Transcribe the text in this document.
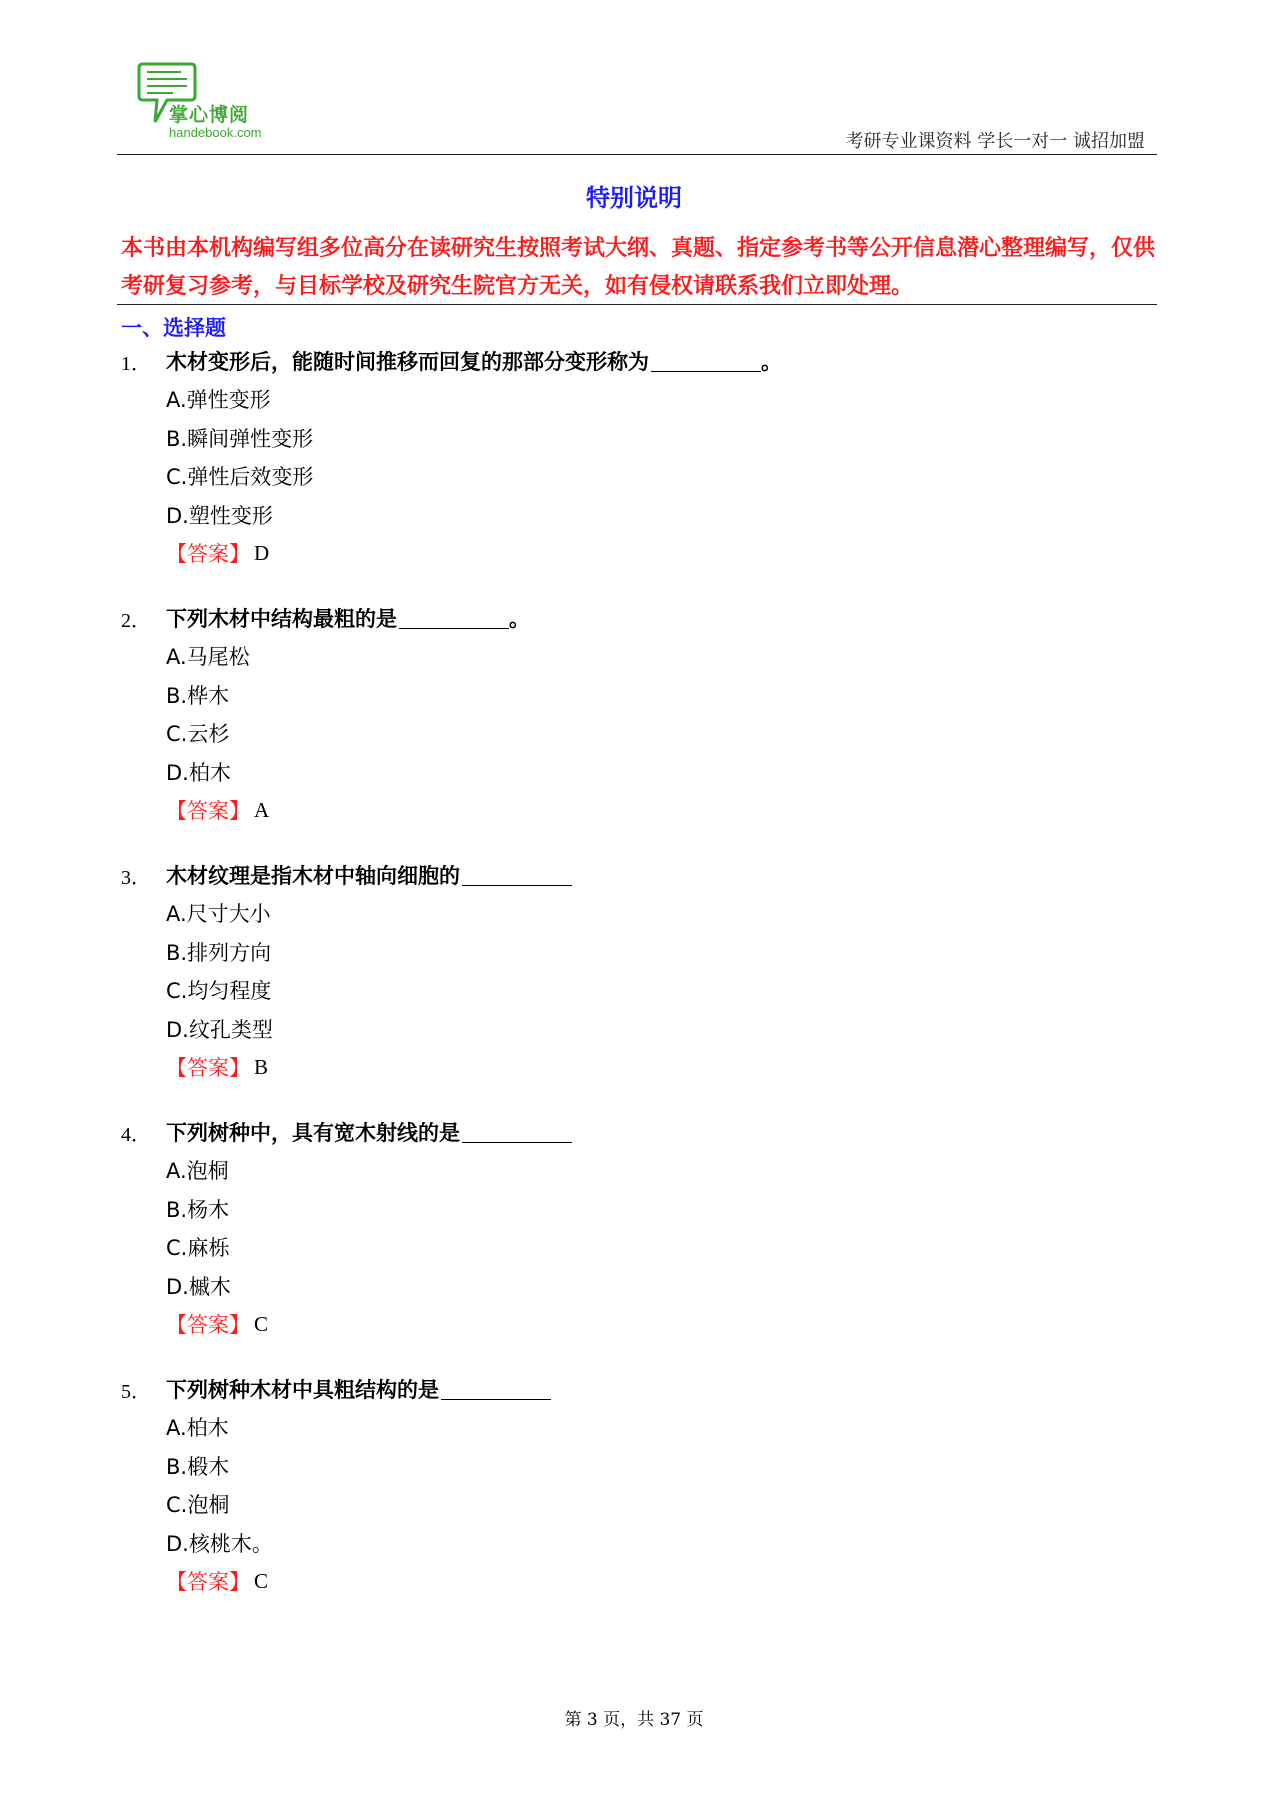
掌心博阅
handebook.com	考研专业课资料 学长一对一 诚招加盟
特别说明
本书由本机构编写组多位高分在读研究生按照考试大纲、真题、指定参考书等公开信息潜心整理编写，仅供考研复习参考，与目标学校及研究生院官方无关，如有侵权请联系我们立即处理。
一、选择题
1． 木材变形后，能随时间推移而回复的那部分变形称为	。
A.弹性变形
B.瞬间弹性变形
C.弹性后效变形
D.塑性变形
【答案】 D
2． 下列木材中结构最粗的是	。
A.马尾松
B.桦木
C.云杉
D.柏木
【答案】 A
3． 木材纹理是指木材中轴向细胞的
A.尺寸大小
B.排列方向
C.均匀程度
D.纹孔类型
【答案】 B
4． 下列树种中，具有宽木射线的是
A.泡桐
B.杨木
C.麻栎
D.槭木
【答案】 C
5． 下列树种木材中具粗结构的是
A.柏木
B.椴木
C.泡桐
D.核桃木。
【答案】 C
第 3 页，共 37 页
